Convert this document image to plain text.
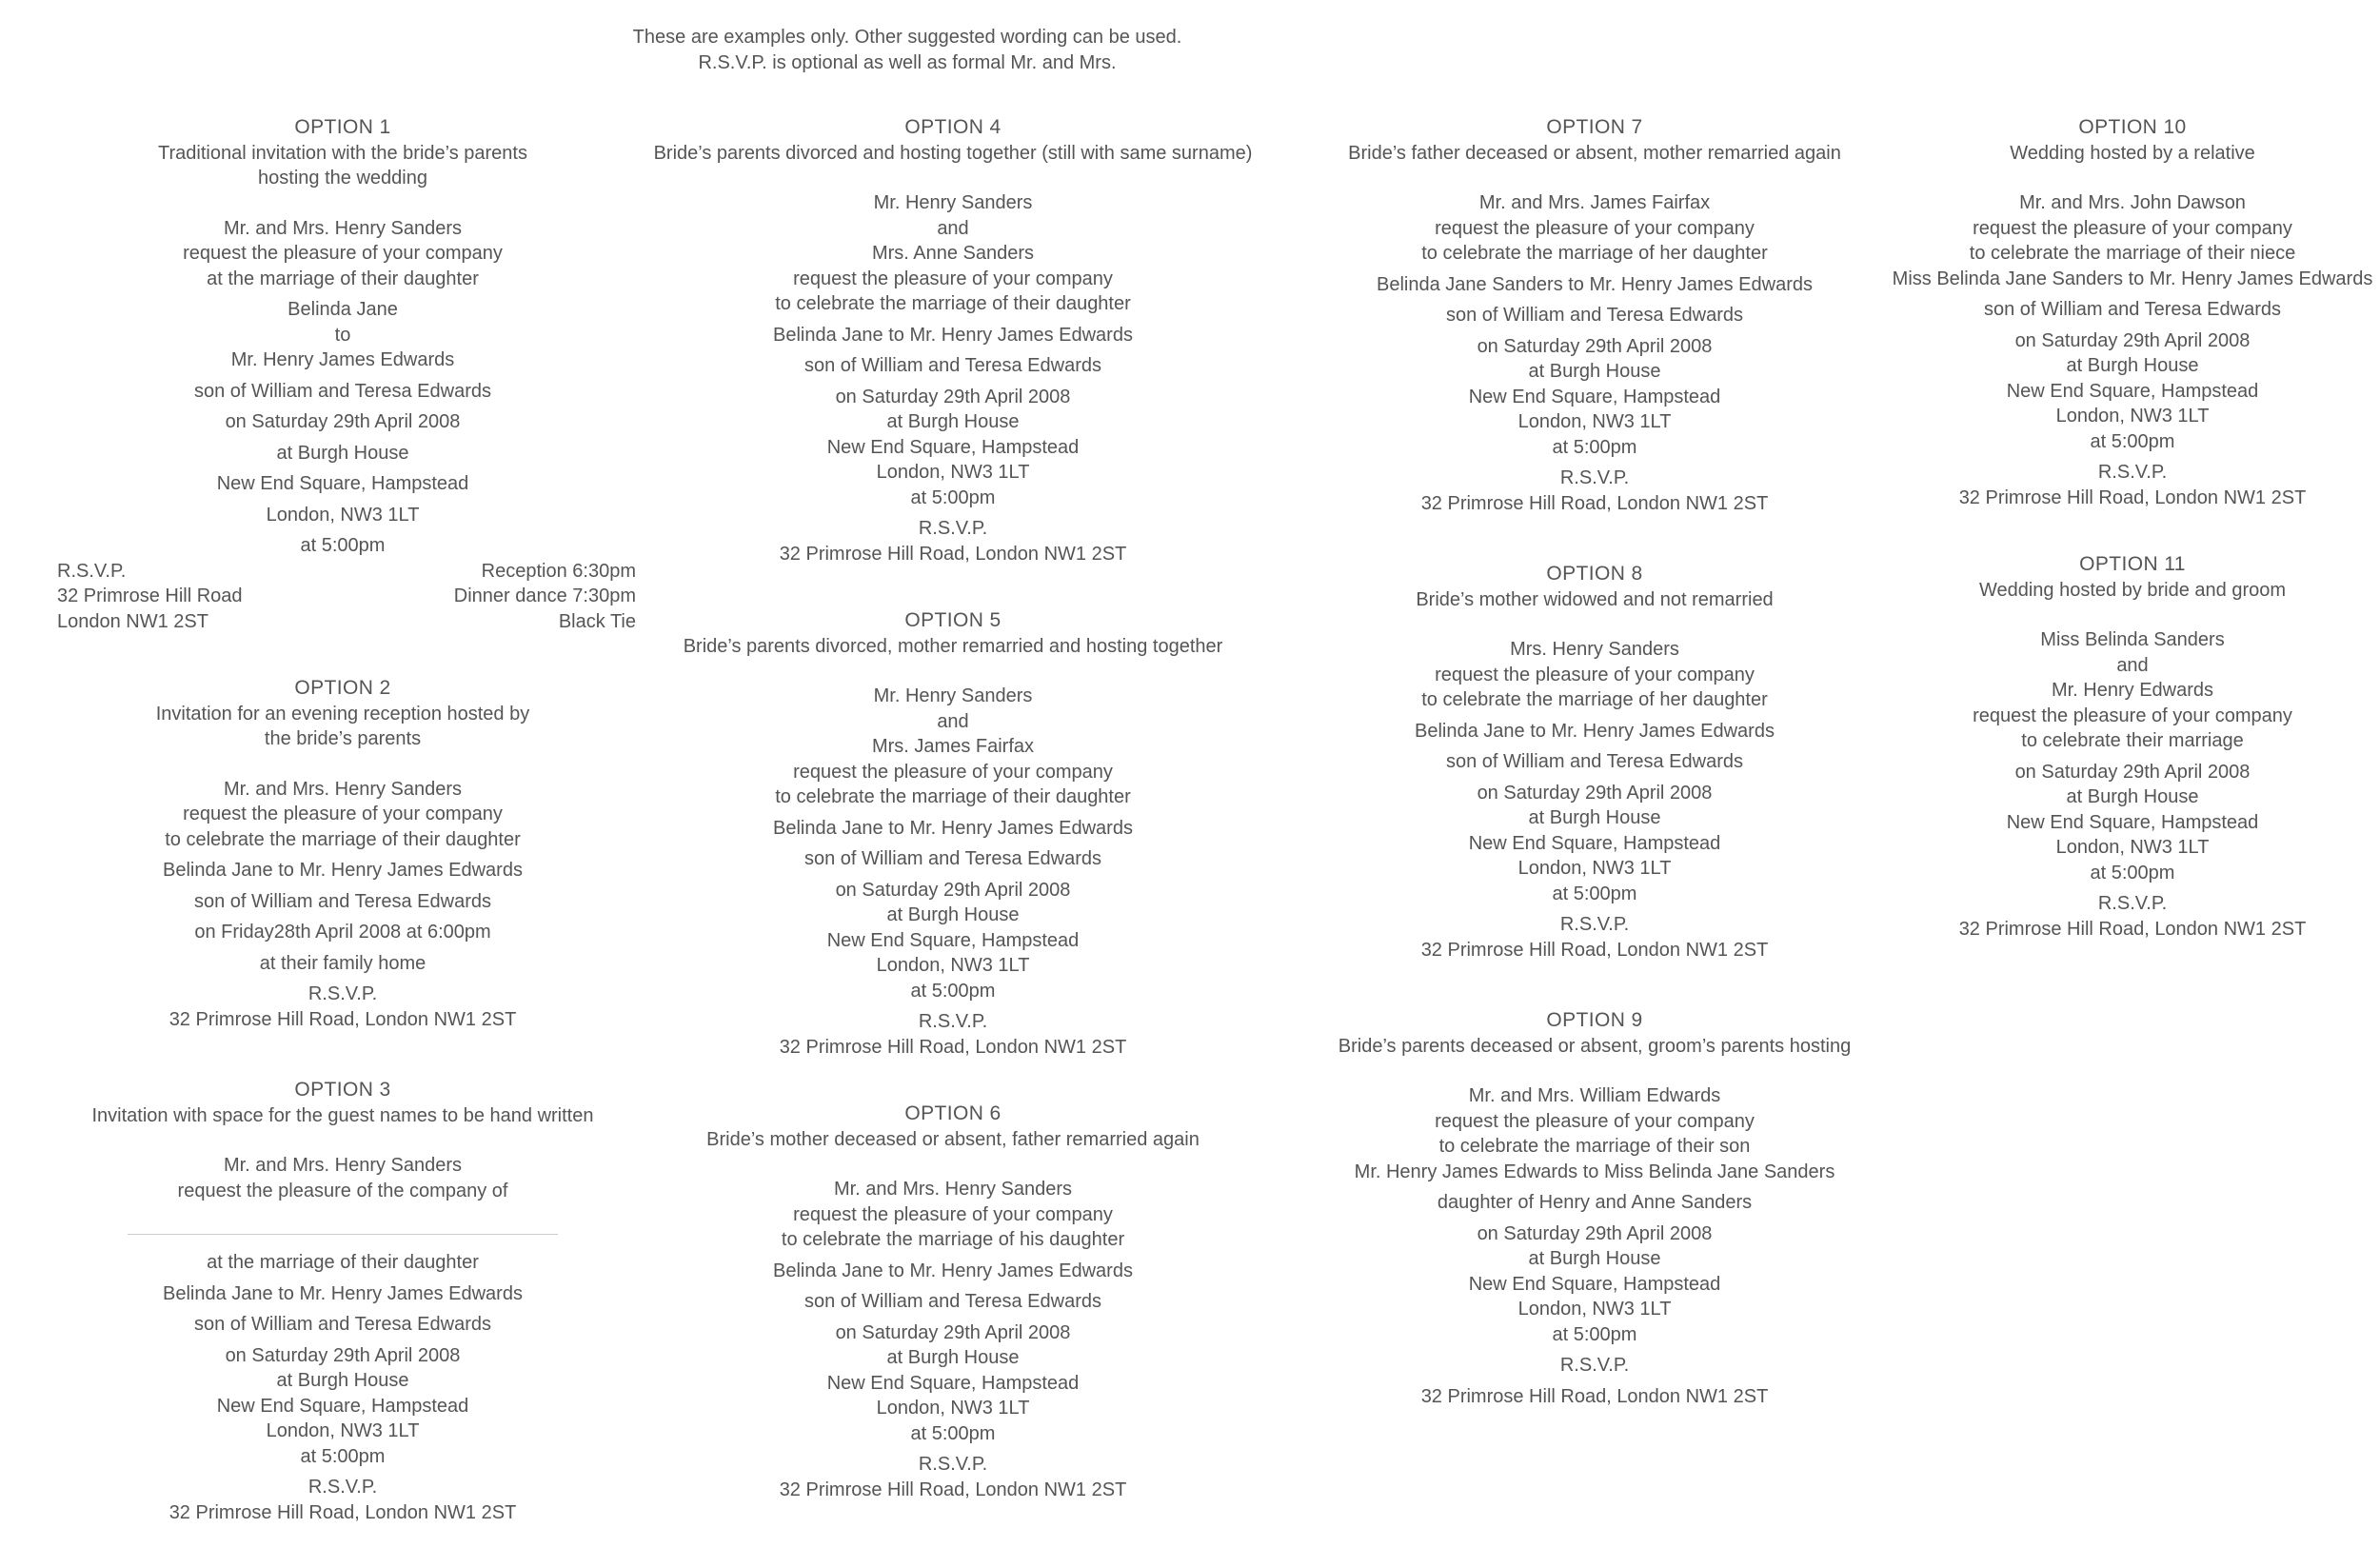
These are examples only. Other suggested wording can be used.
R.S.V.P. is optional as well as formal Mr. and Mrs.
OPTION 1
Traditional invitation with the bride’s parents
hosting the wedding
Mr. and Mrs. Henry Sanders
request the pleasure of your company
at the marriage of their daughter
Belinda Jane
to
Mr. Henry James Edwards
son of William and Teresa Edwards
on Saturday 29th April 2008
at Burgh House
New End Square, Hampstead
London, NW3 1LT
at 5:00pm
R.S.V.P.
32 Primrose Hill Road
London NW1 2ST
Reception 6:30pm
Dinner dance 7:30pm
Black Tie
OPTION 2
Invitation for an evening reception hosted by
the bride’s parents
Mr. and Mrs. Henry Sanders
request the pleasure of your company
to celebrate the marriage of their daughter
Belinda Jane to Mr. Henry James Edwards
son of William and Teresa Edwards
on Friday28th April 2008 at 6:00pm
at their family home
R.S.V.P.
32 Primrose Hill Road, London NW1 2ST
OPTION 3
Invitation with space for the guest names to be hand written
Mr. and Mrs. Henry Sanders
request the pleasure of the company of
at the marriage of their daughter
Belinda Jane to Mr. Henry James Edwards
son of William and Teresa Edwards
on Saturday 29th April 2008
at Burgh House
New End Square, Hampstead
London, NW3 1LT
at 5:00pm
R.S.V.P.
32 Primrose Hill Road, London NW1 2ST
OPTION 4
Bride’s parents divorced and hosting together (still with same surname)
Mr. Henry Sanders
and
Mrs. Anne Sanders
request the pleasure of your company
to celebrate the marriage of their daughter
Belinda Jane to Mr. Henry James Edwards
son of William and Teresa Edwards
on Saturday 29th April 2008
at Burgh House
New End Square, Hampstead
London, NW3 1LT
at 5:00pm
R.S.V.P.
32 Primrose Hill Road, London NW1 2ST
OPTION 5
Bride’s parents divorced, mother remarried and hosting together
Mr. Henry Sanders
and
Mrs. James Fairfax
request the pleasure of your company
to celebrate the marriage of their daughter
Belinda Jane to Mr. Henry James Edwards
son of William and Teresa Edwards
on Saturday 29th April 2008
at Burgh House
New End Square, Hampstead
London, NW3 1LT
at 5:00pm
R.S.V.P.
32 Primrose Hill Road, London NW1 2ST
OPTION 6
Bride’s mother deceased or absent, father remarried again
Mr. and Mrs. Henry Sanders
request the pleasure of your company
to celebrate the marriage of his daughter
Belinda Jane to Mr. Henry James Edwards
son of William and Teresa Edwards
on Saturday 29th April 2008
at Burgh House
New End Square, Hampstead
London, NW3 1LT
at 5:00pm
R.S.V.P.
32 Primrose Hill Road, London NW1 2ST
OPTION 7
Bride’s father deceased or absent, mother remarried again
Mr. and Mrs. James Fairfax
request the pleasure of your company
to celebrate the marriage of her daughter
Belinda Jane Sanders to Mr. Henry James Edwards
son of William and Teresa Edwards
on Saturday 29th April 2008
at Burgh House
New End Square, Hampstead
London, NW3 1LT
at 5:00pm
R.S.V.P.
32 Primrose Hill Road, London NW1 2ST
OPTION 8
Bride’s mother widowed and not remarried
Mrs. Henry Sanders
request the pleasure of your company
to celebrate the marriage of her daughter
Belinda Jane to Mr. Henry James Edwards
son of William and Teresa Edwards
on Saturday 29th April 2008
at Burgh House
New End Square, Hampstead
London, NW3 1LT
at 5:00pm
R.S.V.P.
32 Primrose Hill Road, London NW1 2ST
OPTION 9
Bride’s parents deceased or absent, groom’s parents hosting
Mr. and Mrs. William Edwards
request the pleasure of your company
to celebrate the marriage of their son
Mr. Henry James Edwards to Miss Belinda Jane Sanders
daughter of Henry and Anne Sanders
on Saturday 29th April 2008
at Burgh House
New End Square, Hampstead
London, NW3 1LT
at 5:00pm
R.S.V.P.
32 Primrose Hill Road, London NW1 2ST
OPTION 10
Wedding hosted by a relative
Mr. and Mrs. John Dawson
request the pleasure of your company
to celebrate the marriage of their niece
Miss Belinda Jane Sanders to Mr. Henry James Edwards
son of William and Teresa Edwards
on Saturday 29th April 2008
at Burgh House
New End Square, Hampstead
London, NW3 1LT
at 5:00pm
R.S.V.P.
32 Primrose Hill Road, London NW1 2ST
OPTION 11
Wedding hosted by bride and groom
Miss Belinda Sanders
and
Mr. Henry Edwards
request the pleasure of your company
to celebrate their marriage
on Saturday 29th April 2008
at Burgh House
New End Square, Hampstead
London, NW3 1LT
at 5:00pm
R.S.V.P.
32 Primrose Hill Road, London NW1 2ST
